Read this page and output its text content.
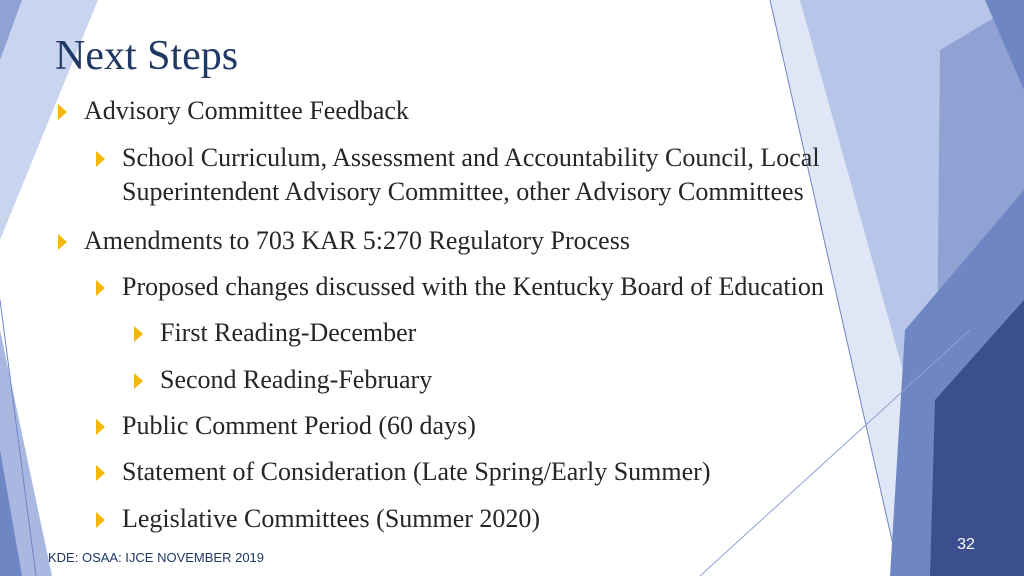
Next Steps
Advisory Committee Feedback
School Curriculum, Assessment and Accountability Council, Local Superintendent Advisory Committee, other Advisory Committees
Amendments to 703 KAR 5:270 Regulatory Process
Proposed changes discussed with the Kentucky Board of Education
First Reading-December
Second Reading-February
Public Comment Period (60 days)
Statement of Consideration (Late Spring/Early Summer)
Legislative Committees (Summer 2020)
KDE: OSAA: IJCE NOVEMBER 2019
32
